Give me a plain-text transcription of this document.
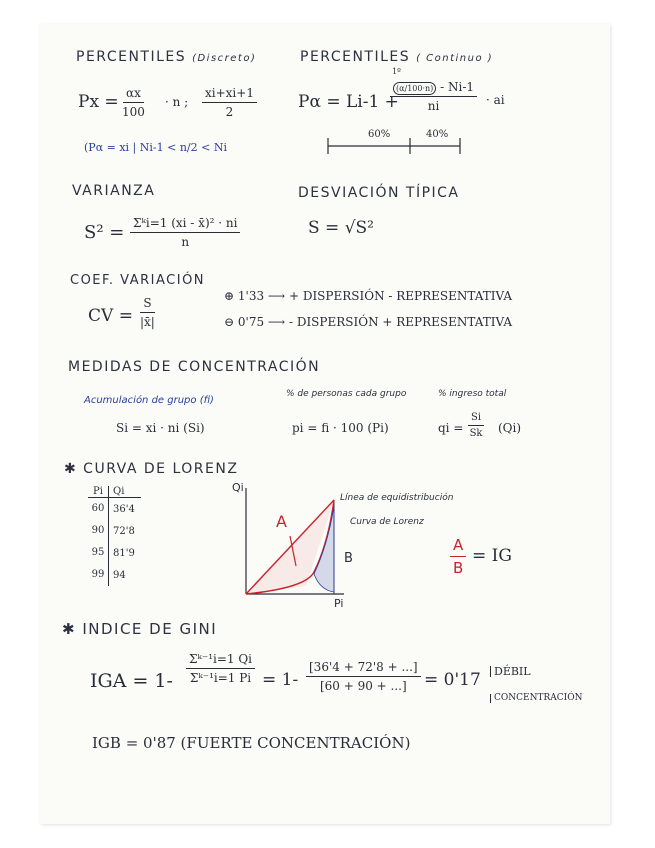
PERCENTILES (Discreto)
$Px = \frac{\alpha x}{100} \cdot n$ ; $\frac{xi+xi+1}{2}$
(Pα = xi | Ni-1 < n/2 < Ni
PERCENTILES ( Continuo )
1º
Pα = Li-1 +
$\frac{(\alpha/100\cdot n) - Ni-1}{ni}$ · ai
60%	40%
VARIANZA
S² = Σᵏi=1 (xi - x̄)² · ni
n
DESVIACIÓN TÍPICA
S = √S²
COEF. VARIACIÓN
CV = $\frac{S}{|x̄|}$	⊕ 1'33 ⟶ + DISPERSIÓN - REPRESENTATIVA
⊖ 0'75 ⟶ - DISPERSIÓN + REPRESENTATIVA
MEDIDAS DE CONCENTRACIÓN
Acumulación de grupo (fi)
% de personas cada grupo	% ingreso total
Si = xi · ni (Si)	pi = fi · 100 (Pi)	qi = $\frac{Si}{Sk} (Qi)$
✱ CURVA DE LORENZ
Pi	Qi
60 36'4
90 72'8
95 81'9
99 94
Qi
Pi
A
B
Línea de equidistribución
Curva de Lorenz
$\frac{A}{B}$ = IG
✱ INDICE DE GINI
IGA = $1- \frac{\text{Σᵏ⁻¹i=1 Qi}}{\text{Σᵏ⁻¹i=1 Pi}} = 1- \frac{[36'4 + 72'8 + ...]}{[60 + 90 + ...]} = 0'17$	DÉBIL
CONCENTRACIÓN
IGB = 0'87 (FUERTE CONCENTRACIÓN)
